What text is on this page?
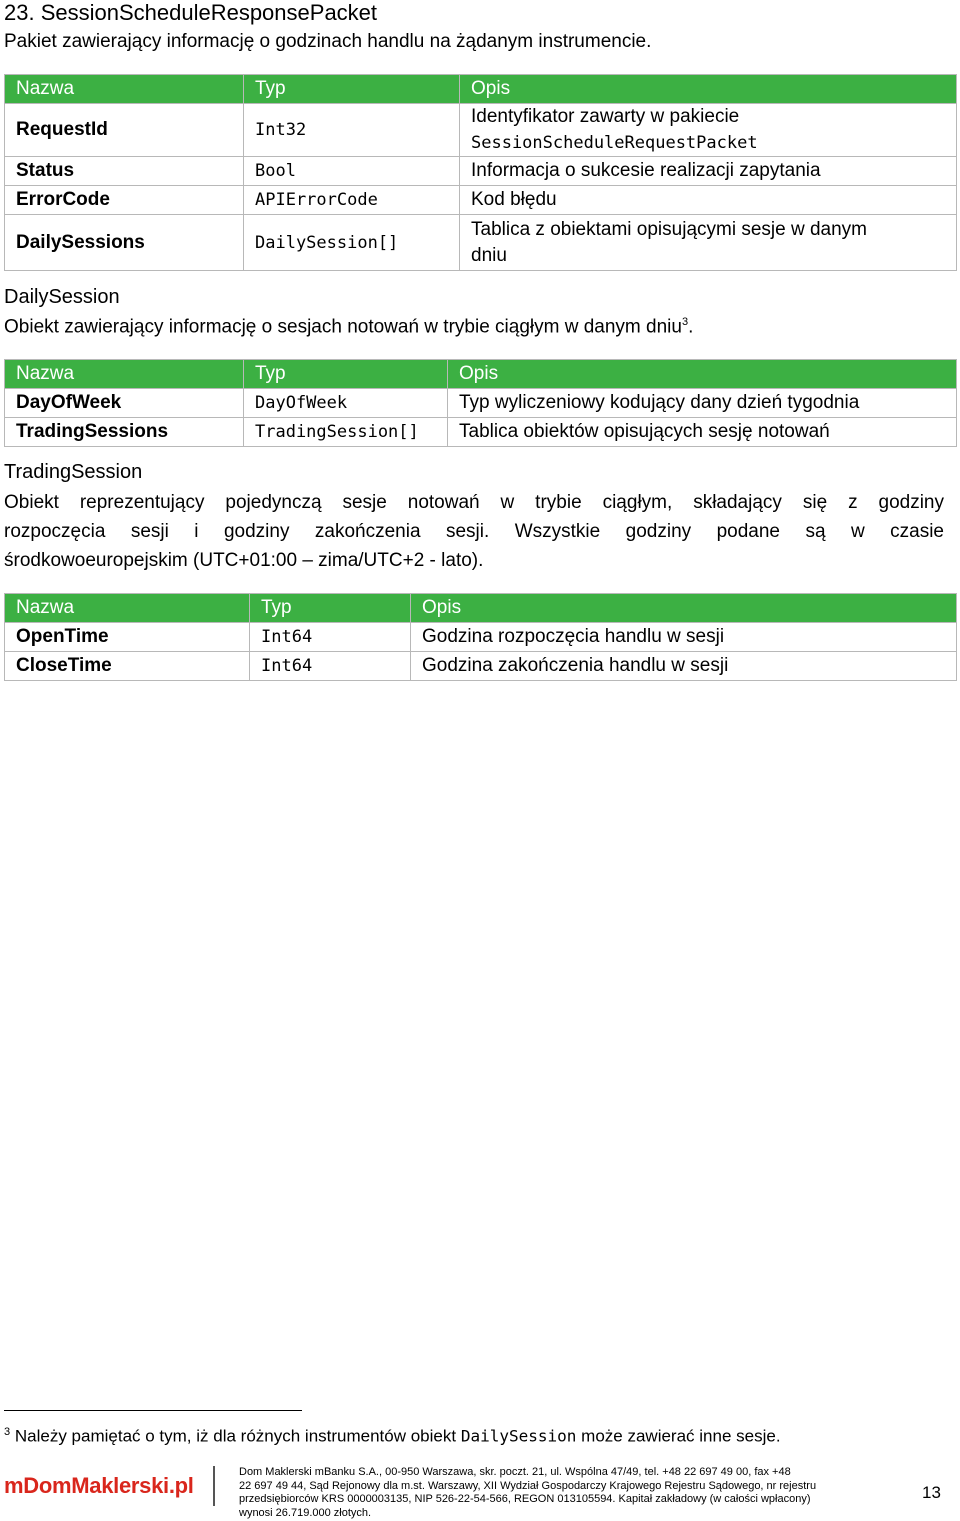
23. SessionScheduleResponsePacket
Pakiet zawierający informację o godzinach handlu na żądanym instrumencie.
Nazwa	Typ	Opis
RequestId	Int32	Identyfikator zawarty w pakiecie
SessionScheduleRequestPacket

Status	Bool	Informacja o sukcesie realizacji zapytania
ErrorCode	APIErrorCode	Kod błędu
DailySessions	DailySession[]	Tablica z obiektami opisującymi sesje w danym
dniu
DailySession
Obiekt zawierający informację o sesjach notowań w trybie ciągłym w danym dniu$^3$.
Nazwa	Typ	Opis
DayOfWeek	DayOfWeek	Typ wyliczeniowy kodujący dany dzień tygodnia
TradingSessions	TradingSession[]	Tablica obiektów opisujących sesję notowań
TradingSession
Obiekt reprezentujący pojedynczą sesje notowań w trybie ciągłym, składający się z godziny
rozpoczęcia sesji i godziny zakończenia sesji. Wszystkie godziny podane są w czasie
środkowoeuropejskim (UTC+01:00 – zima/UTC+2 - lato).
Nazwa	Typ	Opis
OpenTime	Int64	Godzina rozpoczęcia handlu w sesji
CloseTime	Int64	Godzina zakończenia handlu w sesji
$^3$ Należy pamiętać o tym, iż dla różnych instrumentów obiekt DailySession może zawierać inne sesje.
mDomMaklerski.pl
Dom Maklerski mBanku S.A., 00-950 Warszawa, skr. poczt. 21, ul. Wspólna 47/49, tel. +48 22 697 49 00, fax +48
22 697 49 44, Sąd Rejonowy dla m.st. Warszawy, XII Wydział Gospodarczy Krajowego Rejestru Sądowego, nr rejestru
przedsiębiorców KRS 0000003135, NIP 526-22-54-566, REGON 013105594. Kapitał zakładowy (w całości wpłacony)
wynosi 26.719.000 złotych.
13
